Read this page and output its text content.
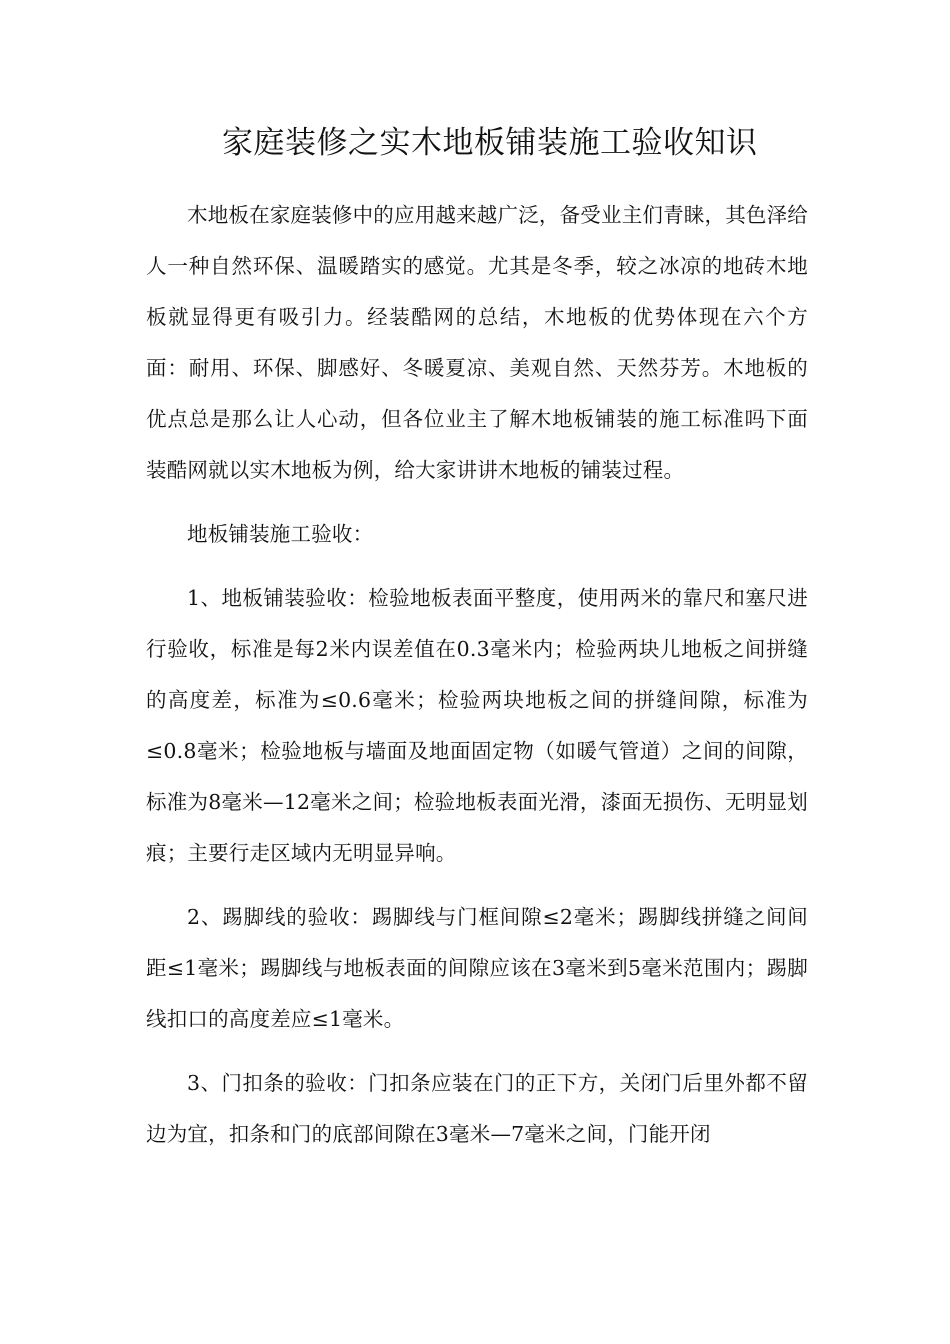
家庭装修之实木地板铺装施工验收知识

木地板在家庭装修中的应用越来越广泛，备受业主们青睐，其色泽给人一种自然环保、温暖踏实的感觉。尤其是冬季，较之冰凉的地砖木地板就显得更有吸引力。经装酷网的总结，木地板的优势体现在六个方面：耐用、环保、脚感好、冬暖夏凉、美观自然、天然芬芳。木地板的优点总是那么让人心动，但各位业主了解木地板铺装的施工标准吗下面装酷网就以实木地板为例，给大家讲讲木地板的铺装过程。

地板铺装施工验收：

1、地板铺装验收：检验地板表面平整度，使用两米的靠尺和塞尺进行验收，标准是每2米内误差值在0.3毫米内；检验两块儿地板之间拼缝的高度差，标准为≤0.6毫米；检验两块地板之间的拼缝间隙，标准为≤0.8毫米；检验地板与墙面及地面固定物（如暖气管道）之间的间隙，标准为8毫米—12毫米之间；检验地板表面光滑，漆面无损伤、无明显划痕；主要行走区域内无明显异响。

2、踢脚线的验收：踢脚线与门框间隙≤2毫米；踢脚线拼缝之间间距≤1毫米；踢脚线与地板表面的间隙应该在3毫米到5毫米范围内；踢脚线扣口的高度差应≤1毫米。

3、门扣条的验收：门扣条应装在门的正下方，关闭门后里外都不留边为宜，扣条和门的底部间隙在3毫米—7毫米之间，门能开闭
